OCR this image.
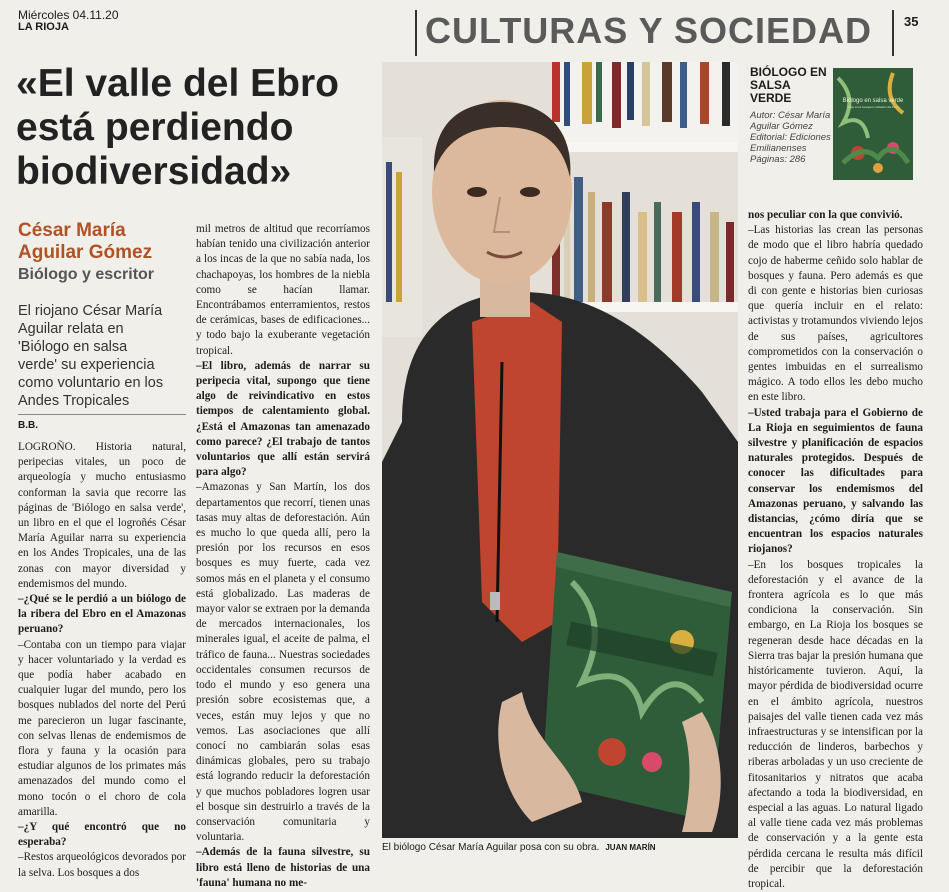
Miércoles 04.11.20
LA RIOJA	CULTURAS Y SOCIEDAD 35
«El valle del Ebro está perdiendo biodiversidad»
César María Aguilar Gómez
Biólogo y escritor
El riojano César María Aguilar relata en 'Biólogo en salsa verde' su experiencia como voluntario en los Andes Tropicales
B.B.

LOGROÑO. Historia natural, peripecias vitales, un poco de arqueología y mucho entusiasmo conforman la savia que recorre las páginas de 'Biólogo en salsa verde', un libro en el que el logroñés César María Aguilar narra su experiencia en los Andes Tropicales, una de las zonas con mayor diversidad y endemismos del mundo.

–¿Qué se le perdió a un biólogo de la ribera del Ebro en el Amazonas peruano?

–Contaba con un tiempo para viajar y hacer voluntariado y la verdad es que podía haber acabado en cualquier lugar del mundo, pero los bosques nublados del norte del Perú me parecieron un lugar fascinante, con selvas llenas de endemismos de flora y fauna y la ocasión para estudiar algunos de los primates más amenazados del mundo como el mono tocón o el choro de cola amarilla.

–¿Y qué encontró que no esperaba?

–Restos arqueológicos devorados por la selva. Los bosques a dos

mil metros de altitud que recorríamos habían tenido una civilización anterior a los incas de la que no sabía nada, los chachapoyas, los hombres de la niebla como se hacían llamar. Encontrábamos enterramientos, restos de cerámicas, bases de edificaciones... y todo bajo la exuberante vegetación tropical.

–El libro, además de narrar su peripecia vital, supongo que tiene algo de reivindicativo en estos tiempos de calentamiento global. ¿Está el Amazonas tan amenazado como parece? ¿El trabajo de tantos voluntarios que allí están servirá para algo?

–Amazonas y San Martín, los dos departamentos que recorrí, tienen unas tasas muy altas de deforestación. Aún es mucho lo que queda allí, pero la presión por los recursos en esos bosques es muy fuerte, cada vez somos más en el planeta y el consumo está globalizado. Las maderas de mayor valor se extraen por la demanda de mercados internacionales, los minerales igual, el aceite de palma, el tráfico de fauna... Nuestras sociedades occidentales consumen recursos de todo el mundo y eso genera una presión sobre ecosistemas que, a veces, están muy lejos y que no vemos. Las asociaciones que allí conocí no cambiarán solas esas dinámicas globales, pero su trabajo está logrando reducir la deforestación y que muchos pobladores logren usar el bosque sin destruirlo a través de la conservación comunitaria y voluntaria.

–Además de la fauna silvestre, su libro está lleno de historias de una 'fauna' humana no me-

nos peculiar con la que convivió.

–Las historias las crean las personas de modo que el libro habría quedado cojo de haberme ceñido solo hablar de bosques y fauna. Pero además es que di con gente e historias bien curiosas que quería incluir en el relato: activistas y trotamundos viviendo lejos de sus países, agricultores comprometidos con la conservación o gentes imbuidas en el surrealismo mágico. A todo ellos les debo mucho en este libro.

–Usted trabaja para el Gobierno de La Rioja en seguimientos de fauna silvestre y planificación de espacios naturales protegidos. Después de conocer las dificultades para conservar los endemismos del Amazonas peruano, y salvando las distancias, ¿cómo diría que se encuentran los espacios naturales riojanos?

–En los bosques tropicales la deforestación y el avance de la frontera agrícola es lo que más condiciona la conservación. Sin embargo, en La Rioja los bosques se regeneran desde hace décadas en la Sierra tras bajar la presión humana que históricamente tuvieron. Aquí, la mayor pérdida de biodiversidad ocurre en el ámbito agrícola, nuestros paisajes del valle tienen cada vez más infraestructuras y se intensifican por la reducción de linderos, barbechos y riberas arboladas y un uso creciente de fitosanitarios y nitratos que acaba afectando a toda la biodiversidad, en especial a las aguas. Lo natural ligado al valle tiene cada vez más problemas de conservación y a la gente esta pérdida cercana le resulta más difícil de percibir que la deforestación tropical.

El biólogo César María Aguilar posa con su obra. JUAN MARÍN
BIÓLOGO EN SALSA VERDE
Autor: César María Aguilar Gómez
Editorial: Ediciones Emilianenses
Páginas: 286
Biólogo en salsa verde
Viaje a los bosques nublados del Perú
